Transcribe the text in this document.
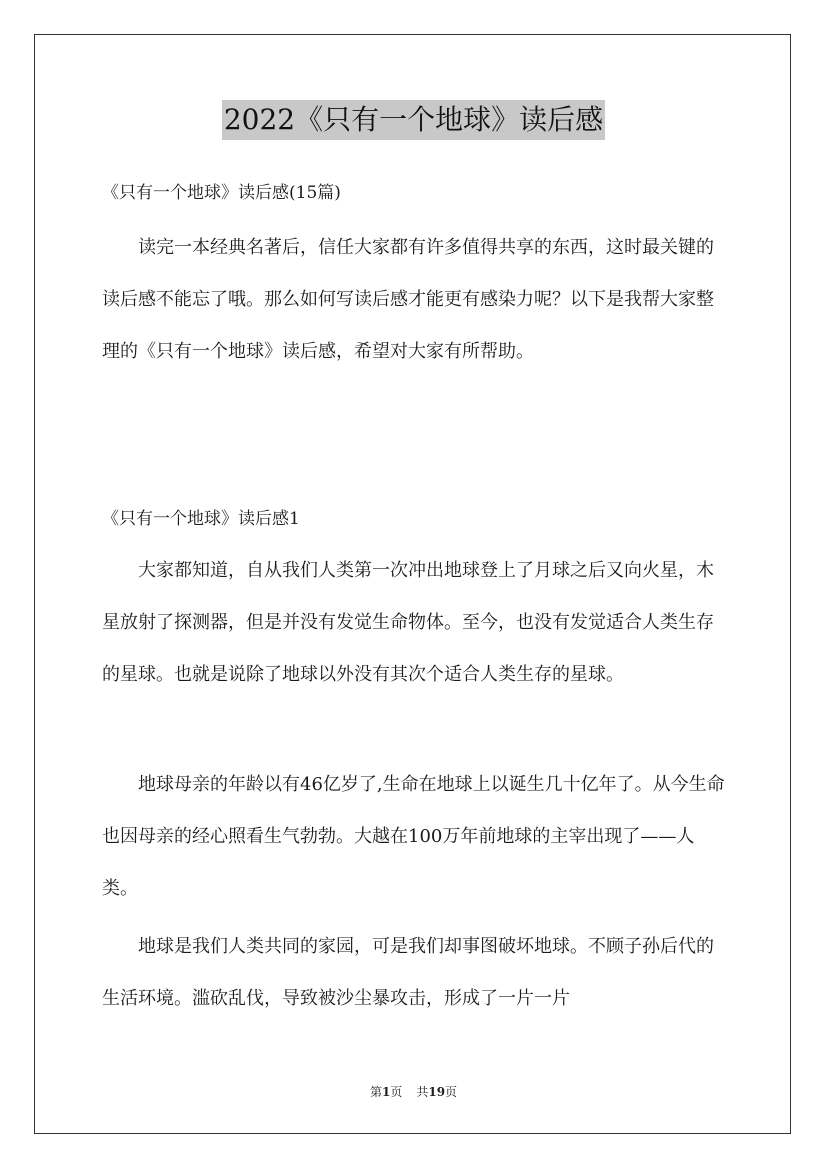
2022《只有一个地球》读后感

《只有一个地球》读后感(15篇)

读完一本经典名著后，信任大家都有许多值得共享的东西，这时最关键的读后感不能忘了哦。那么如何写读后感才能更有感染力呢？以下是我帮大家整理的《只有一个地球》读后感，希望对大家有所帮助。

《只有一个地球》读后感1

大家都知道，自从我们人类第一次冲出地球登上了月球之后又向火星，木星放射了探测器，但是并没有发觉生命物体。至今，也没有发觉适合人类生存的星球。也就是说除了地球以外没有其次个适合人类生存的星球。

地球母亲的年龄以有46亿岁了,生命在地球上以诞生几十亿年了。从今生命也因母亲的经心照看生气勃勃。大越在100万年前地球的主宰出现了——人类。

地球是我们人类共同的家园，可是我们却事图破坏地球。不顾子孙后代的生活环境。滥砍乱伐，导致被沙尘暴攻击，形成了一片一片

第1页 共19页
